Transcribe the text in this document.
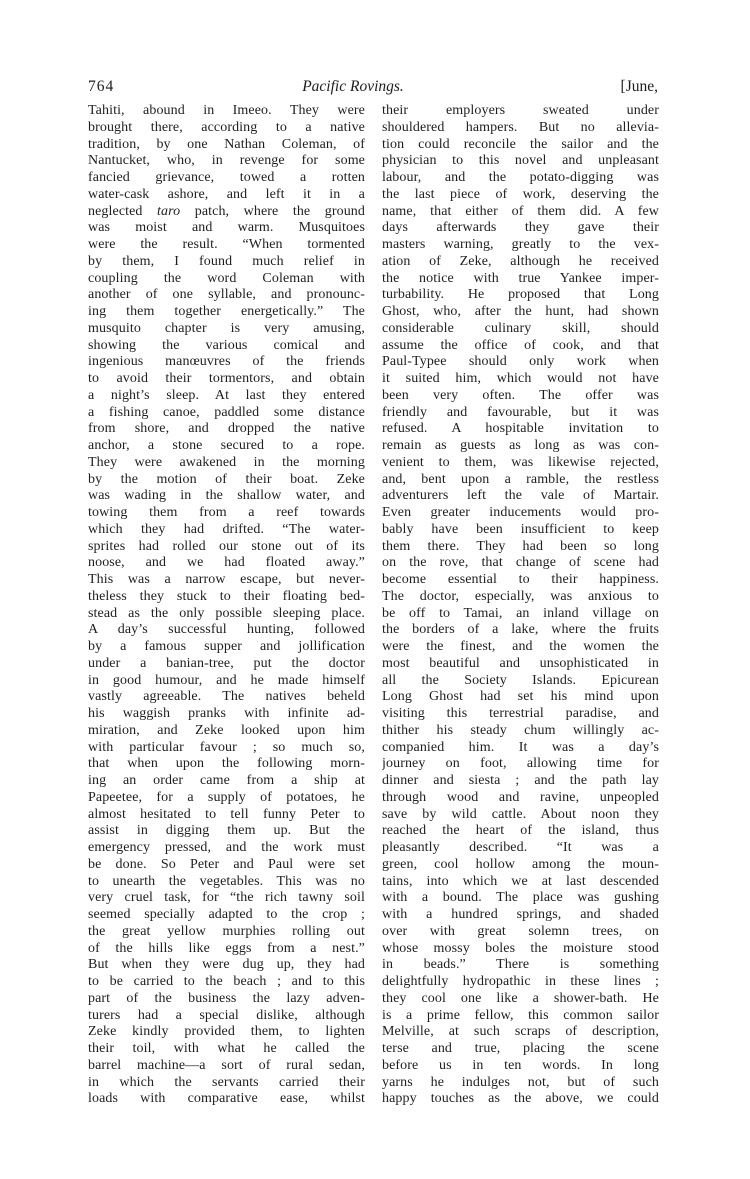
764	Pacific Rovings.	[June,
Tahiti, abound in Imeeo. They were
brought there, according to a native
tradition, by one Nathan Coleman, of
Nantucket, who, in revenge for some
fancied grievance, towed a rotten
water-cask ashore, and left it in a
neglected taro patch, where the ground
was moist and warm. Musquitoes
were the result. “When tormented
by them, I found much relief in
coupling the word Coleman with
another of one syllable, and pronounc-
ing them together energetically.” The
musquito chapter is very amusing,
showing the various comical and
ingenious manœuvres of the friends
to avoid their tormentors, and obtain
a night’s sleep. At last they entered
a fishing canoe, paddled some distance
from shore, and dropped the native
anchor, a stone secured to a rope.
They were awakened in the morning
by the motion of their boat. Zeke
was wading in the shallow water, and
towing them from a reef towards
which they had drifted. “The water-
sprites had rolled our stone out of its
noose, and we had floated away.”
This was a narrow escape, but never-
theless they stuck to their floating bed-
stead as the only possible sleeping place.
A day’s successful hunting, followed
by a famous supper and jollification
under a banian-tree, put the doctor
in good humour, and he made himself
vastly agreeable. The natives beheld
his waggish pranks with infinite ad-
miration, and Zeke looked upon him
with particular favour ; so much so,
that when upon the following morn-
ing an order came from a ship at
Papeetee, for a supply of potatoes, he
almost hesitated to tell funny Peter to
assist in digging them up. But the
emergency pressed, and the work must
be done. So Peter and Paul were set
to unearth the vegetables. This was no
very cruel task, for “the rich tawny soil
seemed specially adapted to the crop ;
the great yellow murphies rolling out
of the hills like eggs from a nest.”
But when they were dug up, they had
to be carried to the beach ; and to this
part of the business the lazy adven-
turers had a special dislike, although
Zeke kindly provided them, to lighten
their toil, with what he called the
barrel machine—a sort of rural sedan,
in which the servants carried their
loads with comparative ease, whilst
their employers sweated under
shouldered hampers. But no allevia-
tion could reconcile the sailor and the
physician to this novel and unpleasant
labour, and the potato-digging was
the last piece of work, deserving the
name, that either of them did. A few
days afterwards they gave their
masters warning, greatly to the vex-
ation of Zeke, although he received
the notice with true Yankee imper-
turbability. He proposed that Long
Ghost, who, after the hunt, had shown
considerable culinary skill, should
assume the office of cook, and that
Paul-Typee should only work when
it suited him, which would not have
been very often. The offer was
friendly and favourable, but it was
refused. A hospitable invitation to
remain as guests as long as was con-
venient to them, was likewise rejected,
and, bent upon a ramble, the restless
adventurers left the vale of Martair.
Even greater inducements would pro-
bably have been insufficient to keep
them there. They had been so long
on the rove, that change of scene had
become essential to their happiness.
The doctor, especially, was anxious to
be off to Tamai, an inland village on
the borders of a lake, where the fruits
were the finest, and the women the
most beautiful and unsophisticated in
all the Society Islands. Epicurean
Long Ghost had set his mind upon
visiting this terrestrial paradise, and
thither his steady chum willingly ac-
companied him. It was a day’s
journey on foot, allowing time for
dinner and siesta ; and the path lay
through wood and ravine, unpeopled
save by wild cattle. About noon they
reached the heart of the island, thus
pleasantly described. “It was a
green, cool hollow among the moun-
tains, into which we at last descended
with a bound. The place was gushing
with a hundred springs, and shaded
over with great solemn trees, on
whose mossy boles the moisture stood
in beads.” There is something
delightfully hydropathic in these lines ;
they cool one like a shower-bath. He
is a prime fellow, this common sailor
Melville, at such scraps of description,
terse and true, placing the scene
before us in ten words. In long
yarns he indulges not, but of such
happy touches as the above, we could
